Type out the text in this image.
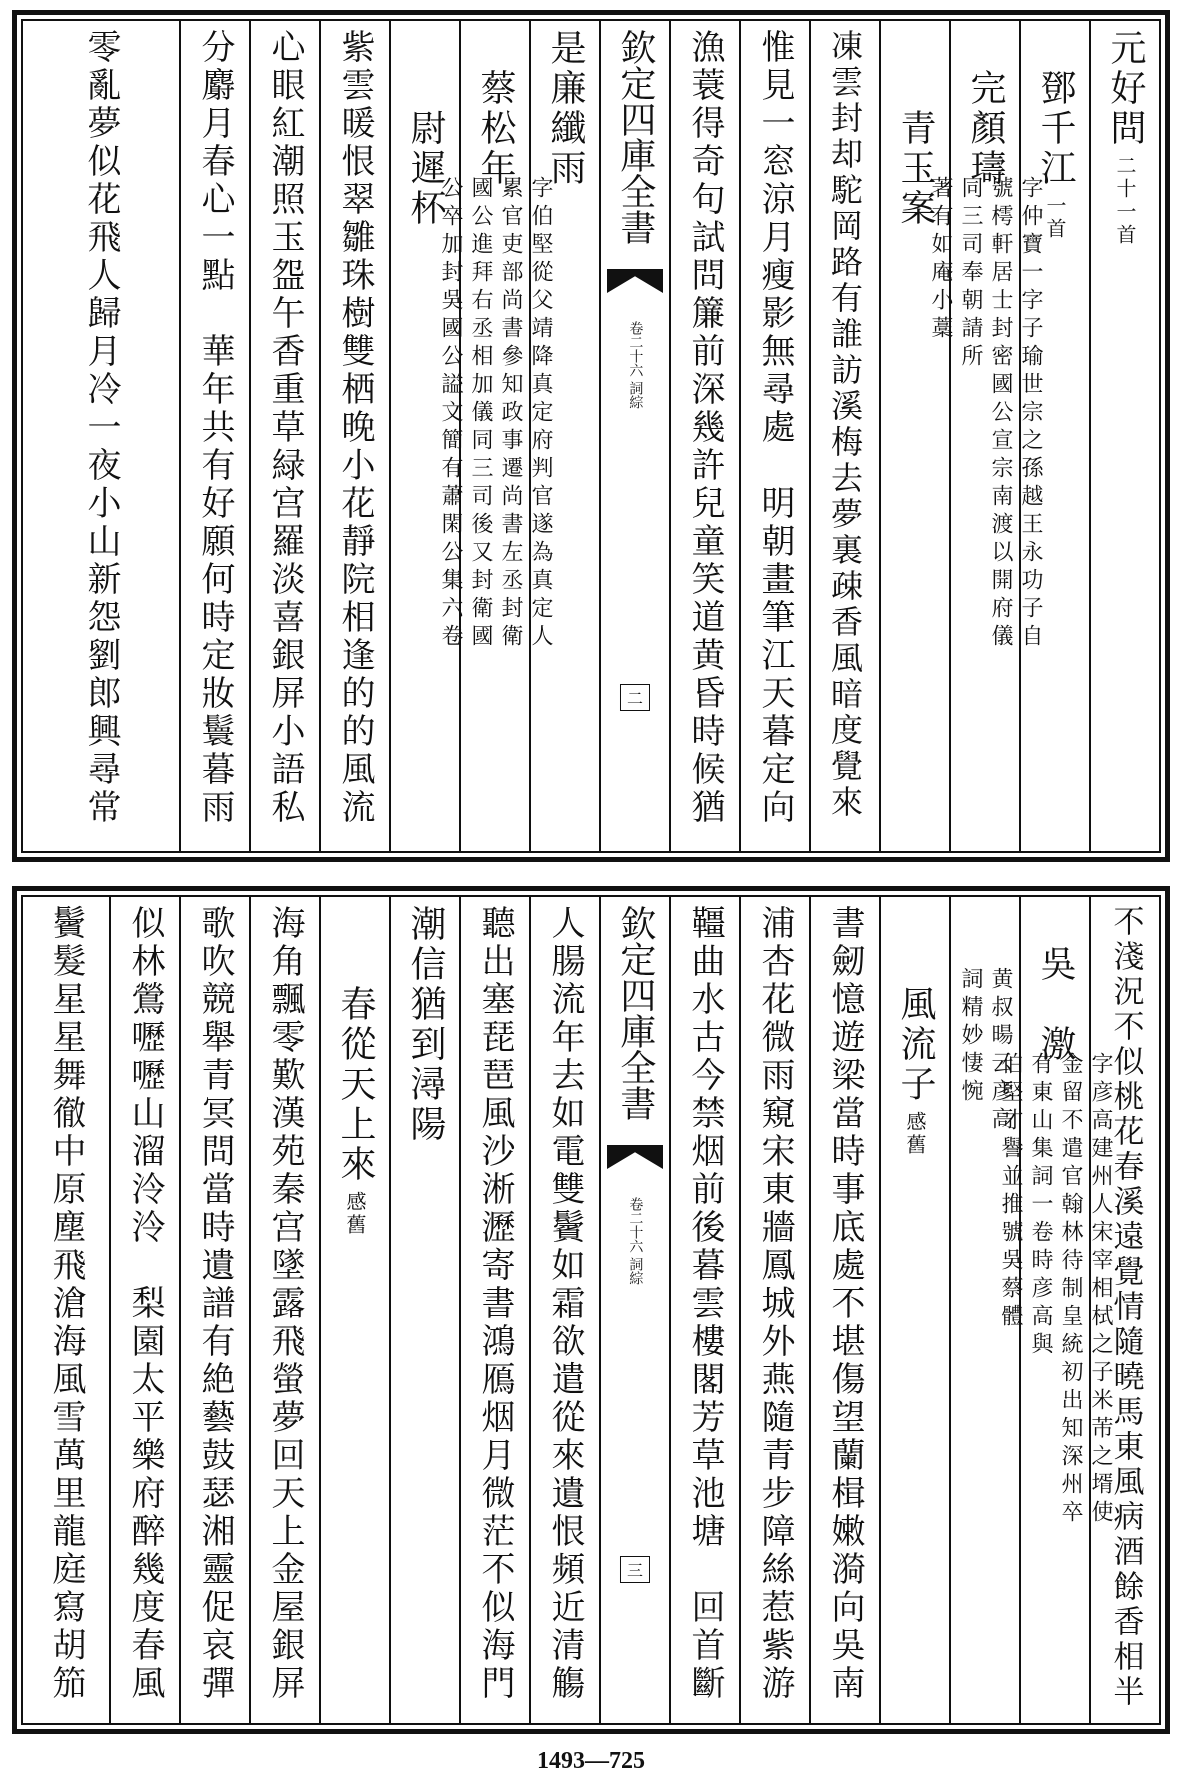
元好問二十一首
鄧千江一首
完顏璹
字仲寶一字子瑜世宗之孫越王永功子自
號樗軒居士封密國公宣宗南渡以開府儀
同三司奉朝請所
著有如庵小藁
青玉案
凍雲封却駝岡路有誰訪溪梅去夢裏疎香風暗度覺來
惟見一窓涼月瘦影無尋處　明朝畫筆江天暮定向
漁蓑得奇句試問簾前深幾許兒童笑道黄昏時候猶
欽定四庫全書
詞綜
卷二十六
二
是廉纖雨
蔡松年
字伯堅從父靖降真定府判官遂為真定人
累官吏部尚書參知政事遷尚書左丞封衛
國公進拜右丞相加儀同三司後又封衛國
公卒加封吳國公謚文簡有蕭閑公集六卷
尉遲杯
紫雲暖恨翠雛珠樹雙栖晚小花靜院相逢的的風流
心眼紅潮照玉盌午香重草緑宫羅淡喜銀屏小語私
分麝月春心一點　華年共有好願何時定妝鬟暮雨
零亂夢似花飛人歸月冷一夜小山新怨劉郎興尋常
不淺況不似桃花春溪遠覺情隨曉馬東風病酒餘香相半
吳　激
字彦高建州人宋宰相栻之子米芾之壻使
金留不遣官翰林待制皇統初出知深州卒
有東山集詞一卷時彦高與
伯堅才譽並推號吳蔡體
黄叔暘云彦高
詞精妙悽惋
風流子感舊
書劒憶遊梁當時事底處不堪傷望蘭楫嫩漪向吳南
浦杏花微雨窺宋東牆鳳城外燕隨青步障絲惹紫游
韁曲水古今禁烟前後暮雲樓閣芳草池塘　回首斷
欽定四庫全書
詞綜
卷二十六
三
人腸流年去如電雙鬢如霜欲遣從來遺恨頻近清觴
聽出塞琵琶風沙淅瀝寄書鴻鴈烟月微茫不似海門
潮信猶到潯陽
春從天上來感舊
海角飄零歎漢苑秦宫墜露飛螢夢回天上金屋銀屏
歌吹競舉青冥問當時遺譜有絶藝鼓瑟湘靈促哀彈
似林鶯嚦嚦山溜泠泠　梨園太平樂府醉幾度春風
鬢髮星星舞徹中原塵飛滄海風雪萬里龍庭寫胡笳
1493—725
